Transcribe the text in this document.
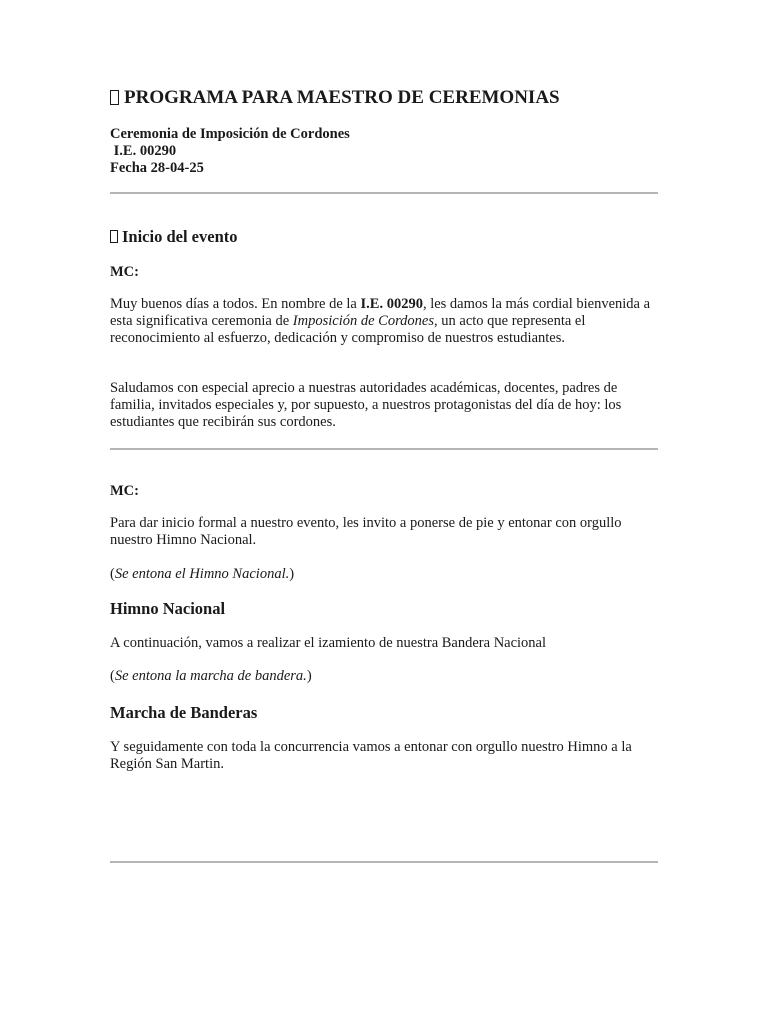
PROGRAMA PARA MAESTRO DE CEREMONIAS
Ceremonia de Imposición de Cordones
I.E. 00290
Fecha 28-04-25
Inicio del evento
MC:

Muy buenos días a todos. En nombre de la I.E. 00290, les damos la más cordial bienvenida a esta significativa ceremonia de Imposición de Cordones, un acto que representa el reconocimiento al esfuerzo, dedicación y compromiso de nuestros estudiantes.

Saludamos con especial aprecio a nuestras autoridades académicas, docentes, padres de familia, invitados especiales y, por supuesto, a nuestros protagonistas del día de hoy: los estudiantes que recibirán sus cordones.

MC:

Para dar inicio formal a nuestro evento, les invito a ponerse de pie y entonar con orgullo nuestro Himno Nacional.

(Se entona el Himno Nacional.)

Himno Nacional

A continuación, vamos a realizar el izamiento de nuestra Bandera Nacional

(Se entona la marcha de bandera.)

Marcha de Banderas

Y seguidamente con toda la concurrencia vamos a entonar con orgullo nuestro Himno a la Región San Martin.
